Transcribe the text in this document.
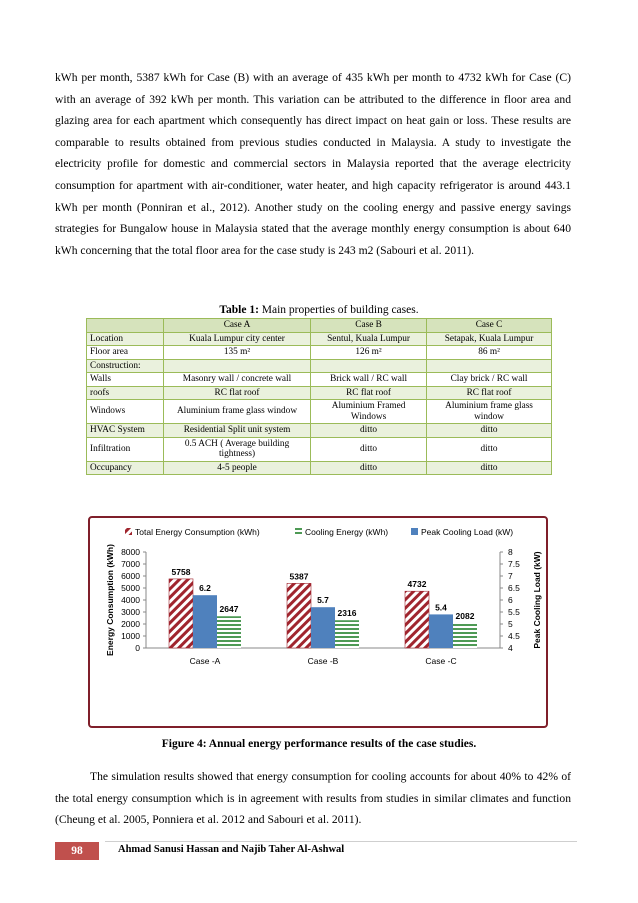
kWh per month, 5387 kWh for Case (B) with an average of 435 kWh per month to 4732 kWh for Case (C) with an average of 392 kWh per month. This variation can be attributed to the difference in floor area and glazing area for each apartment which consequently has direct impact on heat gain or loss. These results are comparable to results obtained from previous studies conducted in Malaysia. A study to investigate the electricity profile for domestic and commercial sectors in Malaysia reported that the average electricity consumption for apartment with air-conditioner, water heater, and high capacity refrigerator is around 443.1 kWh per month (Ponniran et al., 2012). Another study on the cooling energy and passive energy savings strategies for Bungalow house in Malaysia stated that the average monthly energy consumption is about 640 kWh concerning that the total floor area for the case study is 243 m2 (Sabouri et al. 2011).

Table 1: Main properties of building cases.
	Case A	Case B	Case C
Location	Kuala Lumpur city center	Sentul, Kuala Lumpur	Setapak, Kuala Lumpur
Floor area	135 m²	126 m²	86 m²
Construction:			
Walls	Masonry wall / concrete wall	Brick wall / RC wall	Clay brick / RC wall
roofs	RC flat roof	RC flat roof	RC flat roof
Windows	Aluminium frame glass window	Aluminium Framed Windows	Aluminium frame glass window
HVAC System	Residential Split unit system	ditto	ditto
Infiltration	0.5 ACH ( Average building tightness)	ditto	ditto
Occupancy	4-5 people	ditto	ditto
0
1000
2000
3000
4000
5000
6000
7000
8000
4
4.5
5
5.5
6
6.5
7
7.5
8
Energy Consumption (kWh)	Peak Cooling Load (kW)
5758
6.2
2647
Case -A
5387
5.7
2316
Case -B
4732
5.4
2082
Case -C
Total Energy Consumption (kWh)	Cooling Energy (kWh)	Peak Cooling Load (kW)
Figure 4: Annual energy performance results of the case studies.

The simulation results showed that energy consumption for cooling accounts for about 40% to 42% of the total energy consumption which is in agreement with results from studies in similar climates and function (Cheung et al. 2005, Ponniera et al. 2012 and Sabouri et al. 2011).

98	Ahmad Sanusi Hassan and Najib Taher Al-Ashwal
